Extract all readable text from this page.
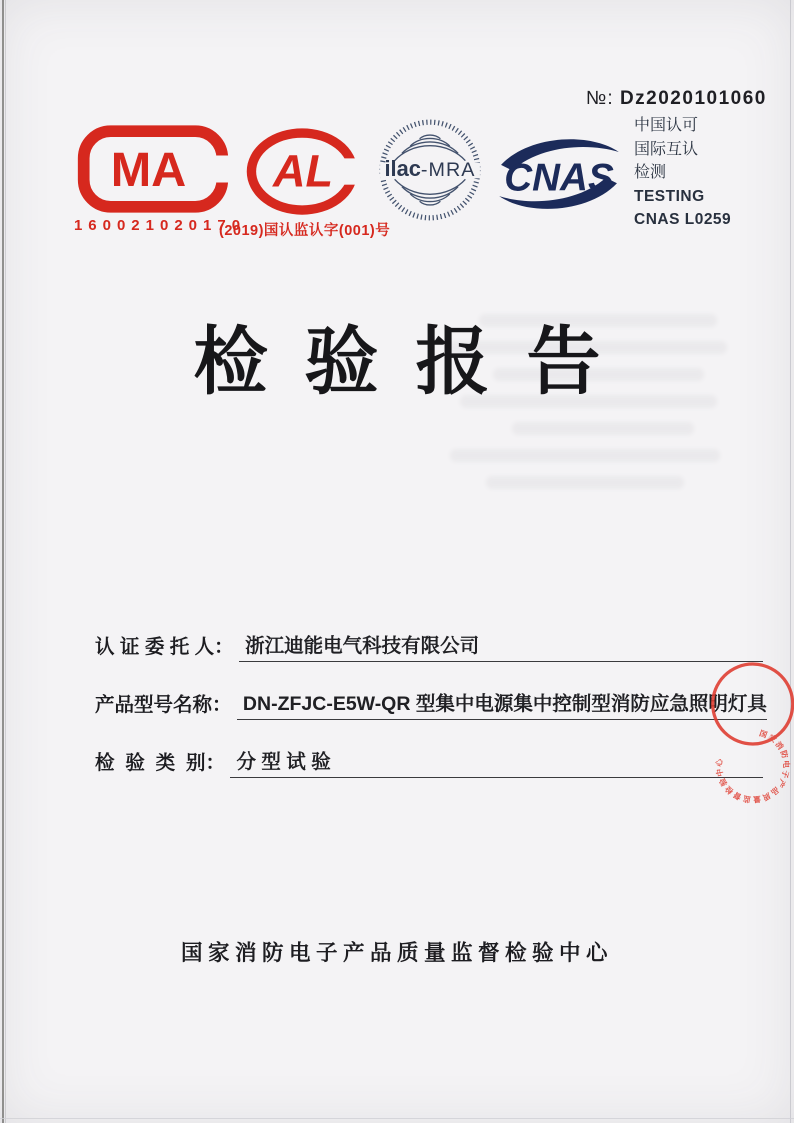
№: Dz2020101060
MA
160021020170
AL
(2019)国认监认字(001)号
ilac-MRA CNAS
中国认可
国际互认
检测
TESTING
CNAS L0259
检验报告
认 证 委 托 人： 浙江迪能电气科技有限公司
产品型号名称： DN-ZFJC-E5W-QR 型集中电源集中控制型消防应急照明灯具
检  验  类  别： 分 型 试 验
国家消防电子产品质量监督检验中心
国家消防电子产品质量监督检验中心
